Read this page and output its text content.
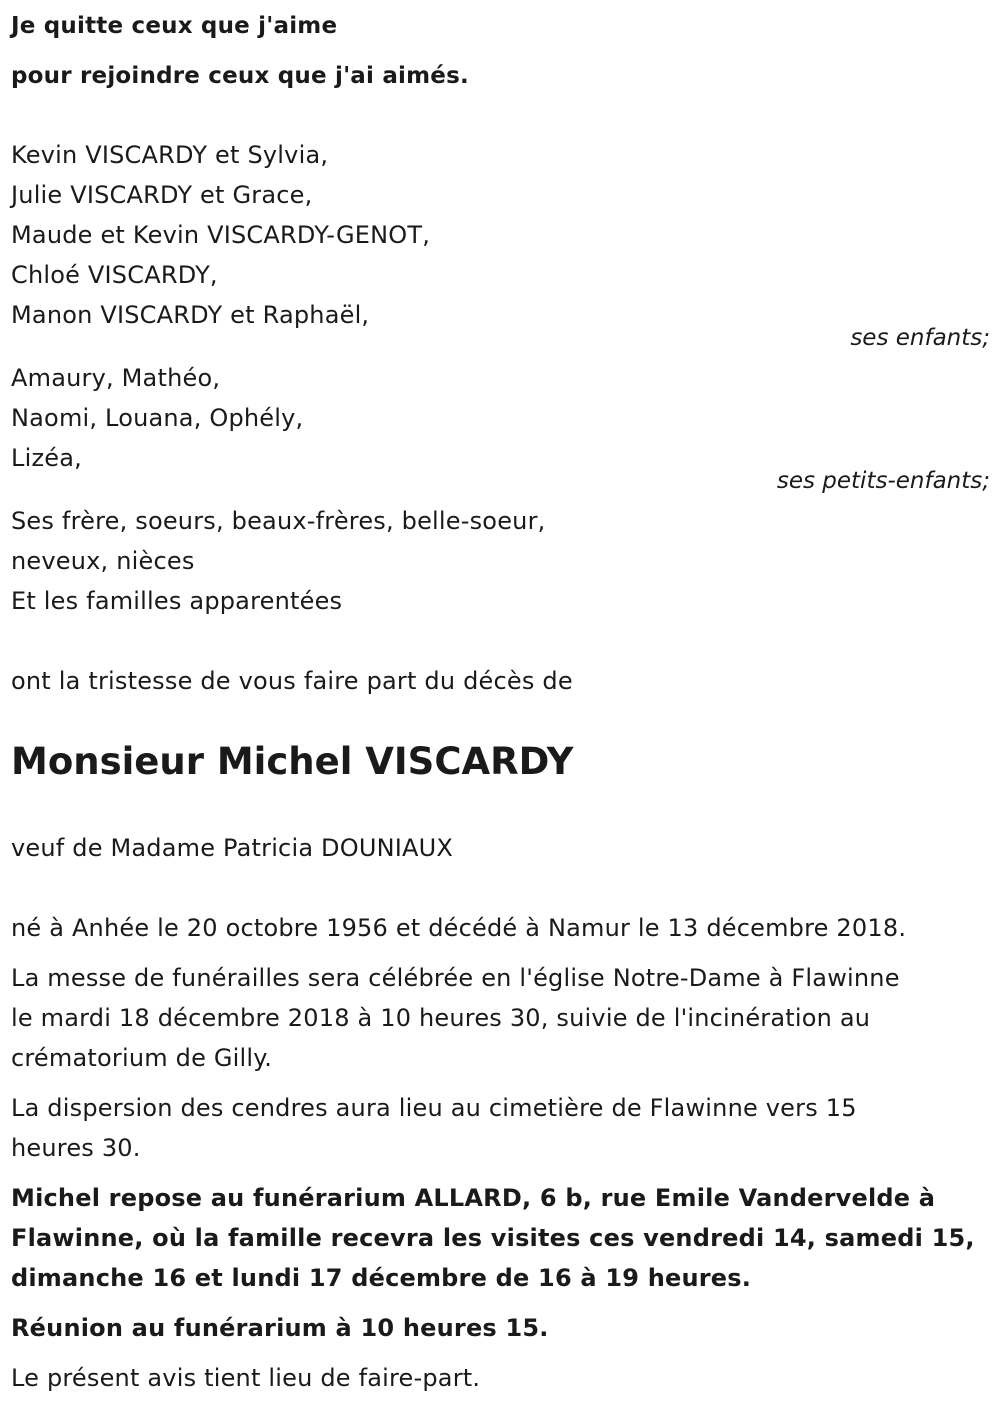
Je quitte ceux que j'aime
pour rejoindre ceux que j'ai aimés.
Kevin VISCARDY et Sylvia,
Julie VISCARDY et Grace,
Maude et Kevin VISCARDY-GENOT,
Chloé VISCARDY,
Manon VISCARDY et Raphaël,
ses enfants;
Amaury, Mathéo,
Naomi, Louana, Ophély,
Lizéa,
ses petits-enfants;
Ses frère, soeurs, beaux-frères, belle-soeur,
neveux, nièces
Et les familles apparentées
ont la tristesse de vous faire part du décès de
Monsieur Michel VISCARDY
veuf de Madame Patricia DOUNIAUX
né à Anhée le 20 octobre 1956 et décédé à Namur le 13 décembre 2018.
La messe de funérailles sera célébrée en l'église Notre-Dame à Flawinne
le mardi 18 décembre 2018 à 10 heures 30, suivie de l'incinération au
crématorium de Gilly.
La dispersion des cendres aura lieu au cimetière de Flawinne vers 15
heures 30.
Michel repose au funérarium ALLARD, 6 b, rue Emile Vandervelde à
Flawinne, où la famille recevra les visites ces vendredi 14, samedi 15,
dimanche 16 et lundi 17 décembre de 16 à 19 heures.
Réunion au funérarium à 10 heures 15.
Le présent avis tient lieu de faire-part.
